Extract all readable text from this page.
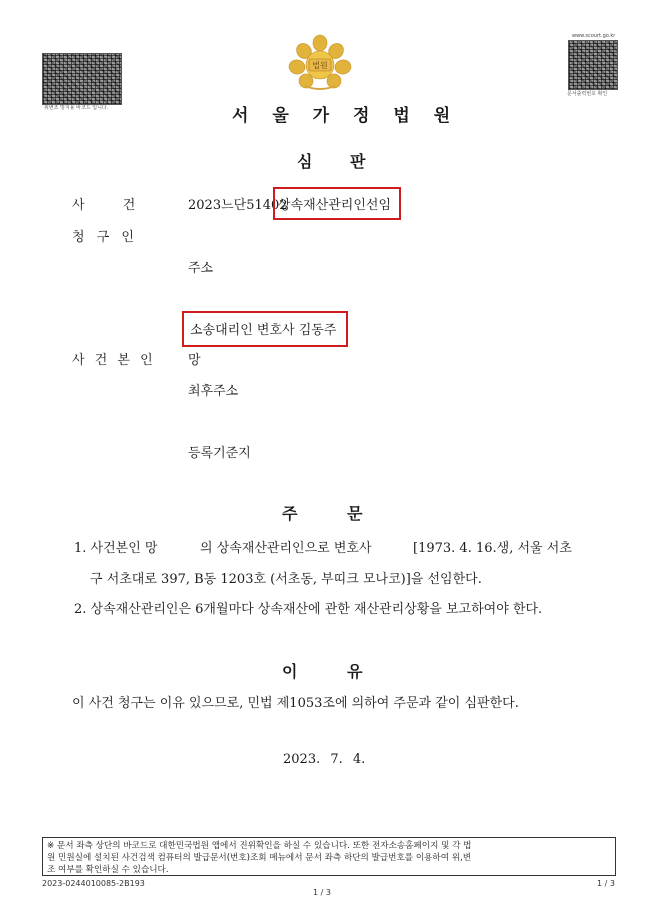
위변조 방지용 바코드 입니다.
www.scourt.go.kr
문서출력번호 확인
법원
서 울 가 정 법 원
심 판
사 건	2023느단51402
상속재산관리인선임
청 구 인
주소
소송대리인 변호사 김동주
사 건 본 인 망
최후주소
등록기준지
주 문
1. 사건본인 망	의 상속재산관리인으로 변호사	[1973. 4. 16.생, 서울 서초
구 서초대로 397, B동 1203호 (서초동, 부띠크 모나코)]을 선임한다.
2. 상속재산관리인은 6개월마다 상속재산에 관한 재산관리상황을 보고하여야 한다.
이 유
이 사건 청구는 이유 있으므로, 민법 제1053조에 의하여 주문과 같이 심판한다.
2023. 7. 4.
※ 문서 좌측 상단의 바코드로 대한민국법원 앱에서 진위확인을 하실 수 있습니다. 또한 전자소송홈페이지 및 각 법
원 민원실에 설치된 사건검색 컴퓨터의 발급문서(번호)조회 메뉴에서 문서 좌측 하단의 발급번호를 이용하여 위,변
조 여부를 확인하실 수 있습니다.
2023-0244010085-2B193
1 / 3
1 / 3
